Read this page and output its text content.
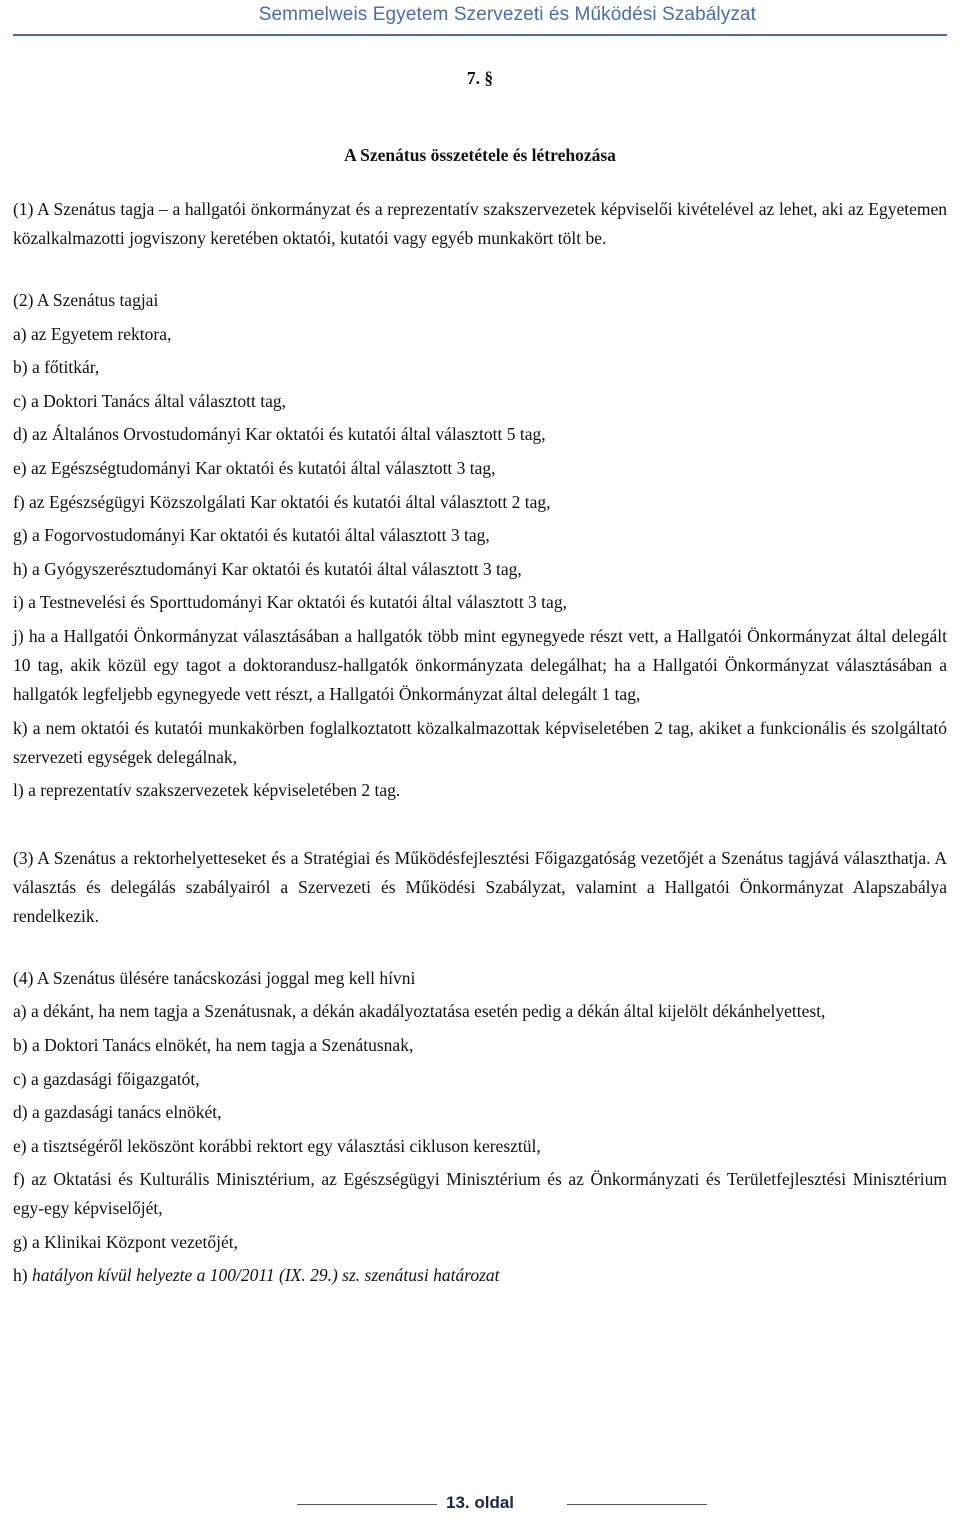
Semmelweis Egyetem Szervezeti és Működési Szabályzat

7. §

A Szenátus összetétele és létrehozása

(1) A Szenátus tagja – a hallgatói önkormányzat és a reprezentatív szakszervezetek képviselői kivételével az lehet, aki az Egyetemen közalkalmazotti jogviszony keretében oktatói, kutatói vagy egyéb munkakört tölt be.

(2) A Szenátus tagjai

a) az Egyetem rektora,

b) a főtitkár,

c) a Doktori Tanács által választott tag,

d) az Általános Orvostudományi Kar oktatói és kutatói által választott 5 tag,

e) az Egészségtudományi Kar oktatói és kutatói által választott 3 tag,

f) az Egészségügyi Közszolgálati Kar oktatói és kutatói által választott 2 tag,

g) a Fogorvostudományi Kar oktatói és kutatói által választott 3 tag,

h) a Gyógyszerésztudományi Kar oktatói és kutatói által választott 3 tag,

i) a Testnevelési és Sporttudományi Kar oktatói és kutatói által választott 3 tag,

j) ha a Hallgatói Önkormányzat választásában a hallgatók több mint egynegyede részt vett, a Hallgatói Önkormányzat által delegált 10 tag, akik közül egy tagot a doktorandusz-hallgatók önkormányzata delegálhat; ha a Hallgatói Önkormányzat választásában a hallgatók legfeljebb egynegyede vett részt, a Hallgatói Önkormányzat által delegált 1 tag,

k) a nem oktatói és kutatói munkakörben foglalkoztatott közalkalmazottak képviseletében 2 tag, akiket a funkcionális és szolgáltató szervezeti egységek delegálnak,

l) a reprezentatív szakszervezetek képviseletében 2 tag.

(3) A Szenátus a rektorhelyetteseket és a Stratégiai és Működésfejlesztési Főigazgatóság vezetőjét a Szenátus tagjává választhatja. A választás és delegálás szabályairól a Szervezeti és Működési Szabályzat, valamint a Hallgatói Önkormányzat Alapszabálya rendelkezik.

(4) A Szenátus ülésére tanácskozási joggal meg kell hívni

a) a dékánt, ha nem tagja a Szenátusnak, a dékán akadályoztatása esetén pedig a dékán által kijelölt dékánhelyettest,

b) a Doktori Tanács elnökét, ha nem tagja a Szenátusnak,

c) a gazdasági főigazgatót,

d) a gazdasági tanács elnökét,

e) a tisztségéről leköszönt korábbi rektort egy választási cikluson keresztül,

f) az Oktatási és Kulturális Minisztérium, az Egészségügyi Minisztérium és az Önkormányzati és Területfejlesztési Minisztérium egy-egy képviselőjét,

g) a Klinikai Központ vezetőjét,

h) hatályon kívül helyezte a 100/2011 (IX. 29.) sz. szenátusi határozat

13. oldal
